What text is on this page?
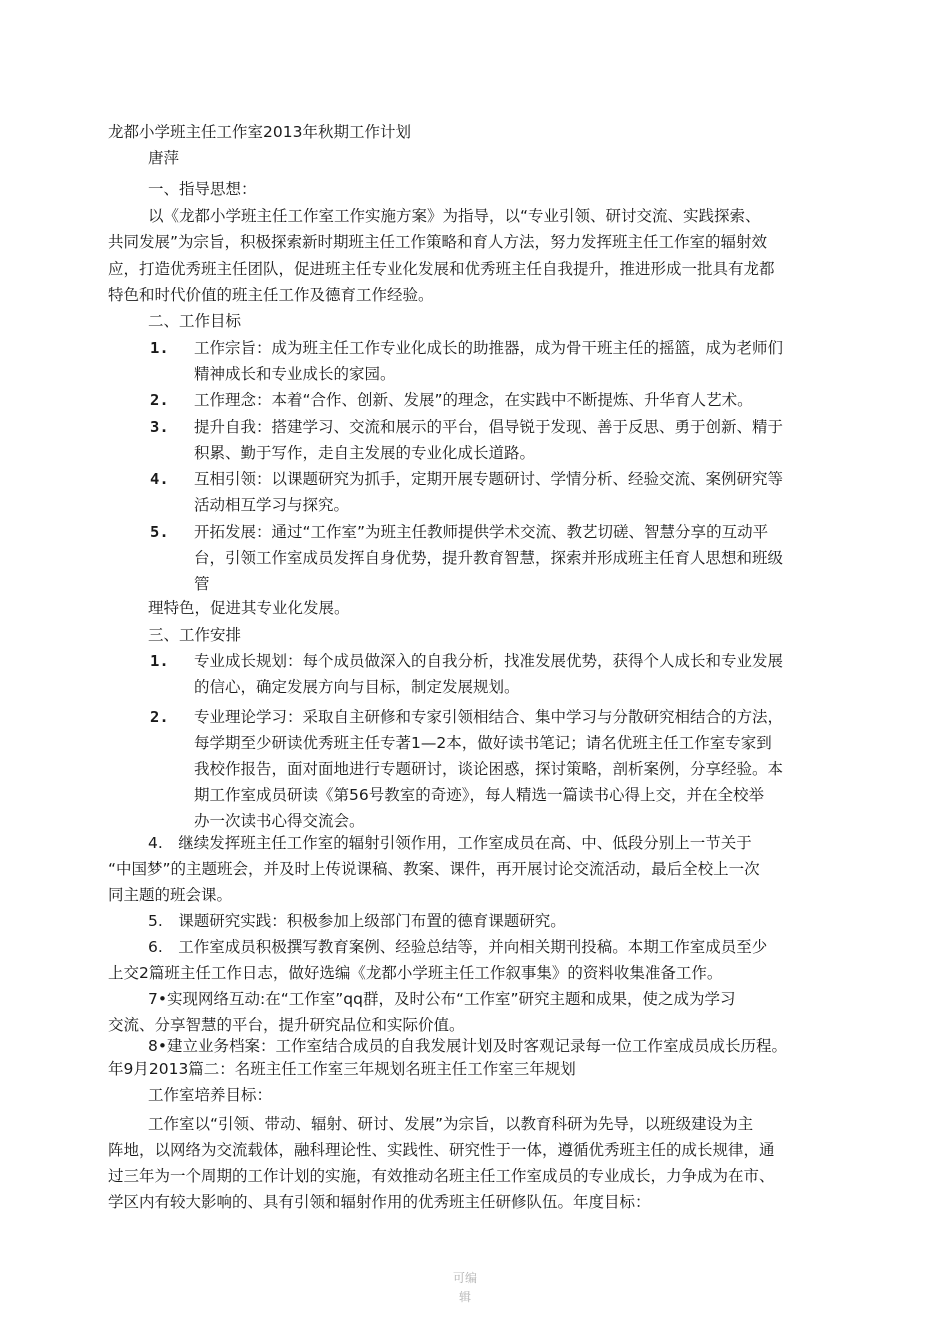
龙都小学班主任工作室2013年秋期工作计划
唐萍
一、指导思想：
以《龙都小学班主任工作室工作实施方案》为指导，以“专业引领、研讨交流、实践探索、
共同发展”为宗旨，积极探索新时期班主任工作策略和育人方法，努力发挥班主任工作室的辐射效
应，打造优秀班主任团队，促进班主任专业化发展和优秀班主任自我提升，推进形成一批具有龙都
特色和时代价值的班主任工作及德育工作经验。
二、工作目标
1. 工作宗旨：成为班主任工作专业化成长的助推器，成为骨干班主任的摇篮，成为老师们
精神成长和专业成长的家园。
2. 工作理念：本着“合作、创新、发展”的理念，在实践中不断提炼、升华育人艺术。
3. 提升自我：搭建学习、交流和展示的平台，倡导锐于发现、善于反思、勇于创新、精于
积累、勤于写作，走自主发展的专业化成长道路。
4. 互相引领：以课题研究为抓手，定期开展专题研讨、学情分析、经验交流、案例研究等
活动相互学习与探究。
5. 开拓发展：通过“工作室”为班主任教师提供学术交流、教艺切磋、智慧分享的互动平
台，引领工作室成员发挥自身优势，提升教育智慧，探索并形成班主任育人思想和班级
管
理特色，促进其专业化发展。
三、工作安排
1. 专业成长规划：每个成员做深入的自我分析，找准发展优势，获得个人成长和专业发展
的信心，确定发展方向与目标，制定发展规划。
2. 专业理论学习：采取自主研修和专家引领相结合、集中学习与分散研究相结合的方法，
每学期至少研读优秀班主任专著1—2本，做好读书笔记；请名优班主任工作室专家到
我校作报告，面对面地进行专题研讨，谈论困惑，探讨策略，剖析案例，分享经验。本
期工作室成员研读《第56号教室的奇迹》，每人精选一篇读书心得上交，并在全校举
办一次读书心得交流会。
4.　继续发挥班主任工作室的辐射引领作用，工作室成员在高、中、低段分别上一节关于
“中国梦”的主题班会，并及时上传说课稿、教案、课件，再开展讨论交流活动，最后全校上一次
同主题的班会课。
5.　课题研究实践：积极参加上级部门布置的德育课题研究。
6.　工作室成员积极撰写教育案例、经验总结等，并向相关期刊投稿。本期工作室成员至少
上交2篇班主任工作日志，做好选编《龙都小学班主任工作叙事集》的资料收集准备工作。
7•实现网络互动:在“工作室”qq群，及时公布“工作室”研究主题和成果，使之成为学习
交流、分享智慧的平台，提升研究品位和实际价值。
8•建立业务档案：工作室结合成员的自我发展计划及时客观记录每一位工作室成员成长历程。
年9月2013篇二：名班主任工作室三年规划名班主任工作室三年规划
工作室培养目标：
工作室以“引领、带动、辐射、研讨、发展”为宗旨，以教育科研为先导，以班级建设为主
阵地，以网络为交流载体，融科理论性、实践性、研究性于一体，遵循优秀班主任的成长规律，通
过三年为一个周期的工作计划的实施，有效推动名班主任工作室成员的专业成长，力争成为在市、
学区内有较大影响的、具有引领和辐射作用的优秀班主任研修队伍。年度目标：
可编
辑
